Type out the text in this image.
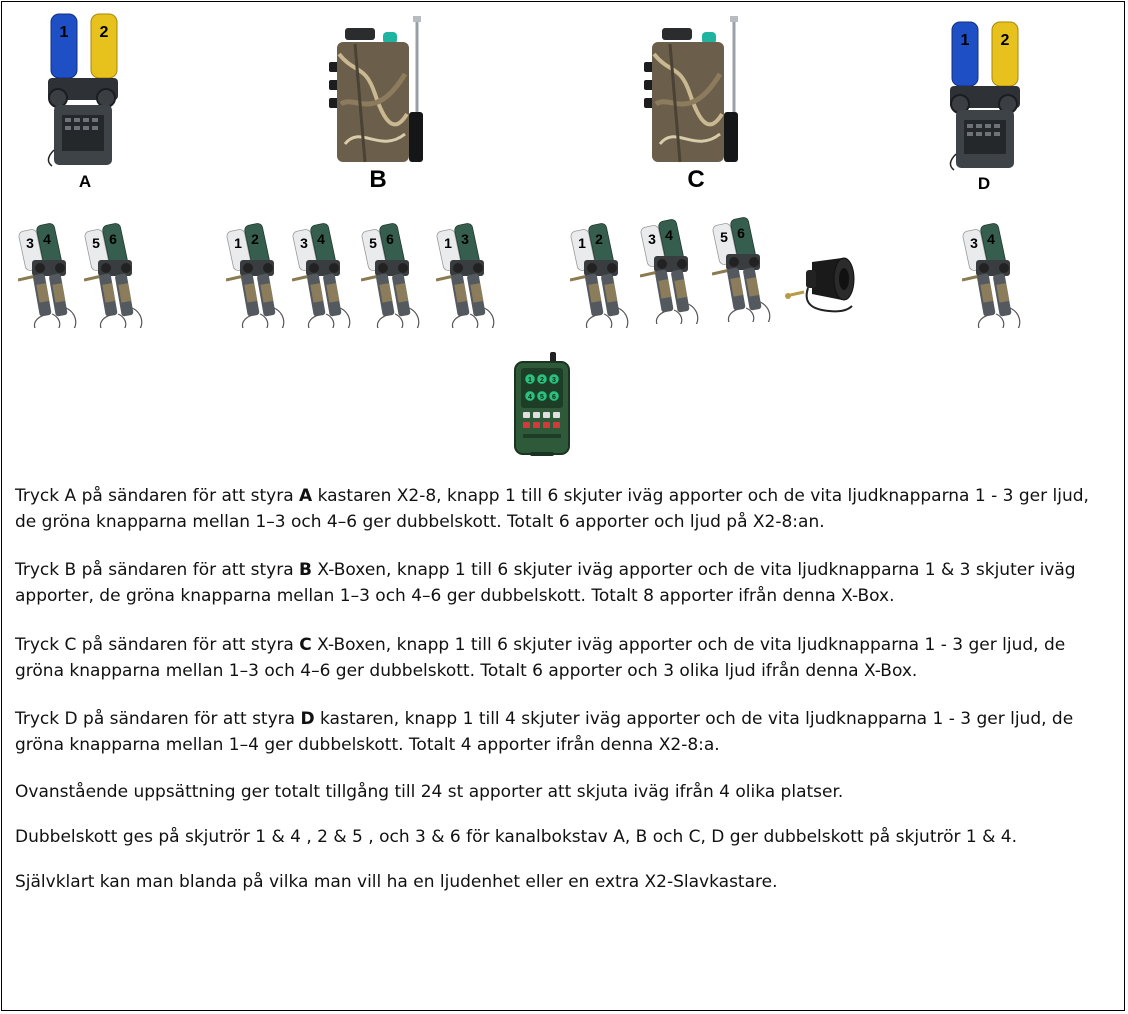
1 2
A	B	C
1 2
D
3 4	5 6	1 2	3 4	5 6	1 3	1 2	3 4	5 6
3 4
1 2 3
4 5 6

Tryck A på sändaren för att styra A kastaren X2-8, knapp 1 till 6 skjuter iväg apporter och de vita ljudknapparna 1 - 3 ger ljud, de gröna knapparna mellan 1–3 och 4–6 ger dubbelskott. Totalt 6 apporter och ljud på X2-8:an.

Tryck B på sändaren för att styra B X-Boxen, knapp 1 till 6 skjuter iväg apporter och de vita ljudknapparna 1 & 3 skjuter iväg apporter, de gröna knapparna mellan 1–3 och 4–6 ger dubbelskott. Totalt 8 apporter ifrån denna X-Box.

Tryck C på sändaren för att styra C X-Boxen, knapp 1 till 6 skjuter iväg apporter och de vita ljudknapparna 1 - 3 ger ljud, de gröna knapparna mellan 1–3 och 4–6 ger dubbelskott. Totalt 6 apporter och 3 olika ljud ifrån denna X-Box.

Tryck D på sändaren för att styra D kastaren, knapp 1 till 4 skjuter iväg apporter och de vita ljudknapparna 1 - 3 ger ljud, de gröna knapparna mellan 1–4 ger dubbelskott. Totalt 4 apporter ifrån denna X2-8:a.

Ovanstående uppsättning ger totalt tillgång till 24 st apporter att skjuta iväg ifrån 4 olika platser.

Dubbelskott ges på skjutrör 1 & 4 , 2 & 5 , och 3 & 6 för kanalbokstav A, B och C, D ger dubbelskott på skjutrör 1 & 4.

Självklart kan man blanda på vilka man vill ha en ljudenhet eller en extra X2-Slavkastare.
